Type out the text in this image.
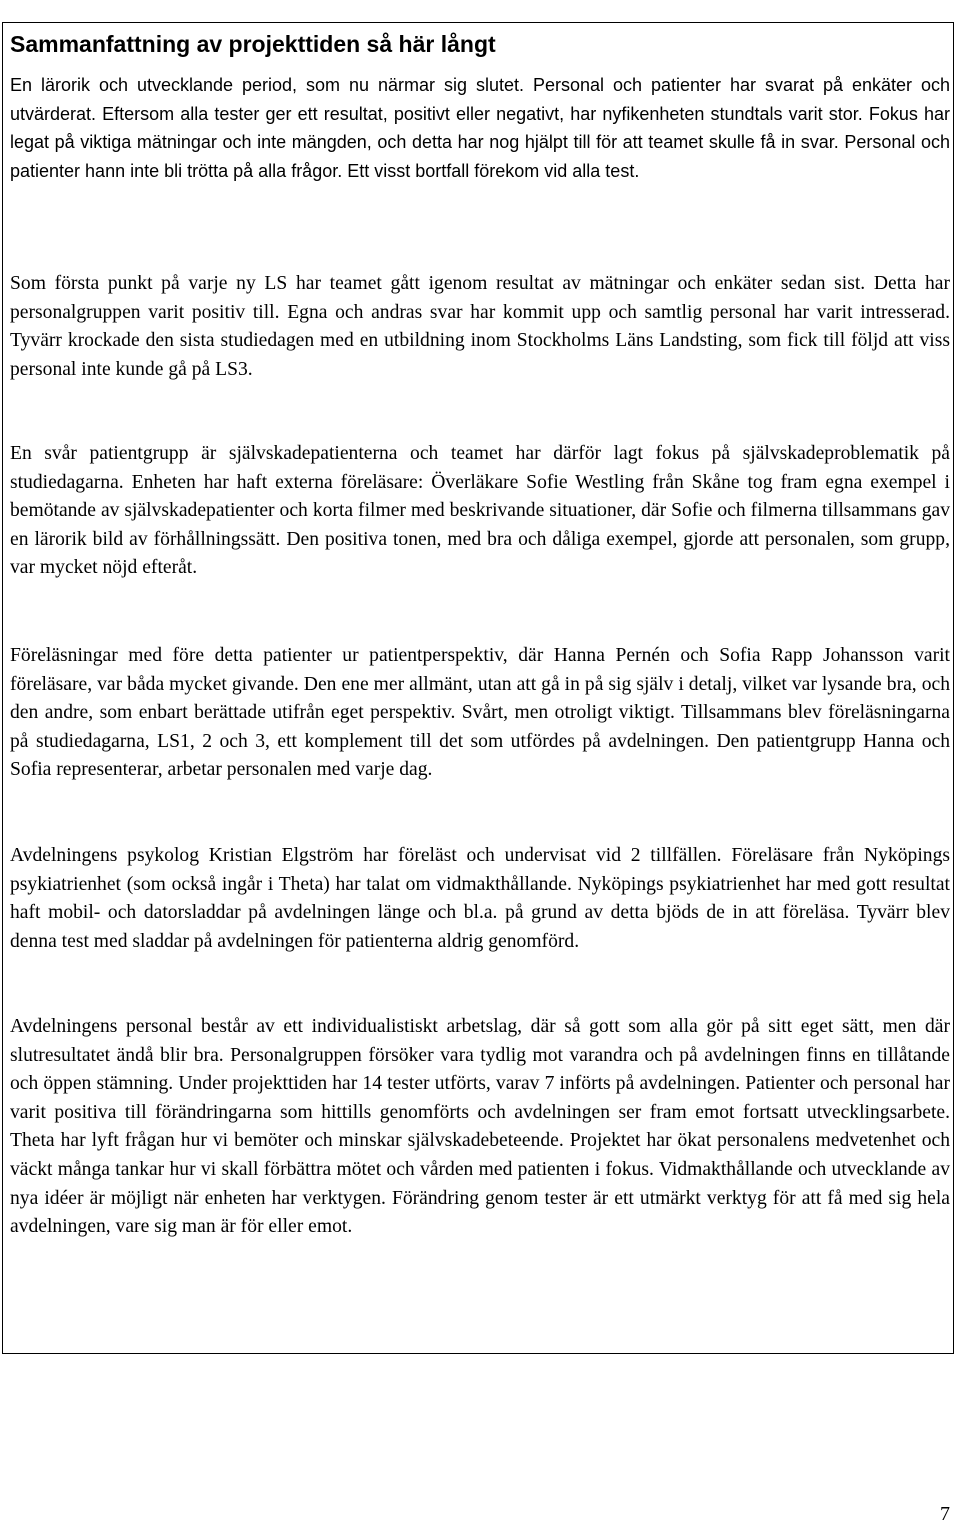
Sammanfattning av projekttiden så här långt

En lärorik och utvecklande period, som nu närmar sig slutet. Personal och patienter har svarat på enkäter och utvärderat. Eftersom alla tester ger ett resultat, positivt eller negativt, har nyfikenheten stundtals varit stor. Fokus har legat på viktiga mätningar och inte mängden, och detta har nog hjälpt till för att teamet skulle få in svar. Personal och patienter hann inte bli trötta på alla frågor. Ett visst bortfall förekom vid alla test.

Som första punkt på varje ny LS har teamet gått igenom resultat av mätningar och enkäter sedan sist. Detta har personalgruppen varit positiv till. Egna och andras svar har kommit upp och samtlig personal har varit intresserad. Tyvärr krockade den sista studiedagen med en utbildning inom Stockholms Läns Landsting, som fick till följd att viss personal inte kunde gå på LS3.

En svår patientgrupp är självskadepatienterna och teamet har därför lagt fokus på självskadeproblematik på studiedagarna. Enheten har haft externa föreläsare: Överläkare Sofie Westling från Skåne tog fram egna exempel i bemötande av självskadepatienter och korta filmer med beskrivande situationer, där Sofie och filmerna tillsammans gav en lärorik bild av förhållningssätt. Den positiva tonen, med bra och dåliga exempel, gjorde att personalen, som grupp, var mycket nöjd efteråt.

Föreläsningar med före detta patienter ur patientperspektiv, där Hanna Pernén och Sofia Rapp Johansson varit föreläsare, var båda mycket givande. Den ene mer allmänt, utan att gå in på sig själv i detalj, vilket var lysande bra, och den andre, som enbart berättade utifrån eget perspektiv. Svårt, men otroligt viktigt. Tillsammans blev föreläsningarna på studiedagarna, LS1, 2 och 3, ett komplement till det som utfördes på avdelningen. Den patientgrupp Hanna och Sofia representerar, arbetar personalen med varje dag.

Avdelningens psykolog Kristian Elgström har föreläst och undervisat vid 2 tillfällen. Föreläsare från Nyköpings psykiatrienhet (som också ingår i Theta) har talat om vidmakthållande. Nyköpings psykiatrienhet har med gott resultat haft mobil- och datorsladdar på avdelningen länge och bl.a. på grund av detta bjöds de in att föreläsa. Tyvärr blev denna test med sladdar på avdelningen för patienterna aldrig genomförd.

Avdelningens personal består av ett individualistiskt arbetslag, där så gott som alla gör på sitt eget sätt, men där slutresultatet ändå blir bra. Personalgruppen försöker vara tydlig mot varandra och på avdelningen finns en tillåtande och öppen stämning. Under projekttiden har 14 tester utförts, varav 7 införts på avdelningen. Patienter och personal har varit positiva till förändringarna som hittills genomförts och avdelningen ser fram emot fortsatt utvecklingsarbete. Theta har lyft frågan hur vi bemöter och minskar självskadebeteende. Projektet har ökat personalens medvetenhet och väckt många tankar hur vi skall förbättra mötet och vården med patienten i fokus. Vidmakthållande och utvecklande av nya idéer är möjligt när enheten har verktygen. Förändring genom tester är ett utmärkt verktyg för att få med sig hela avdelningen, vare sig man är för eller emot.

7
